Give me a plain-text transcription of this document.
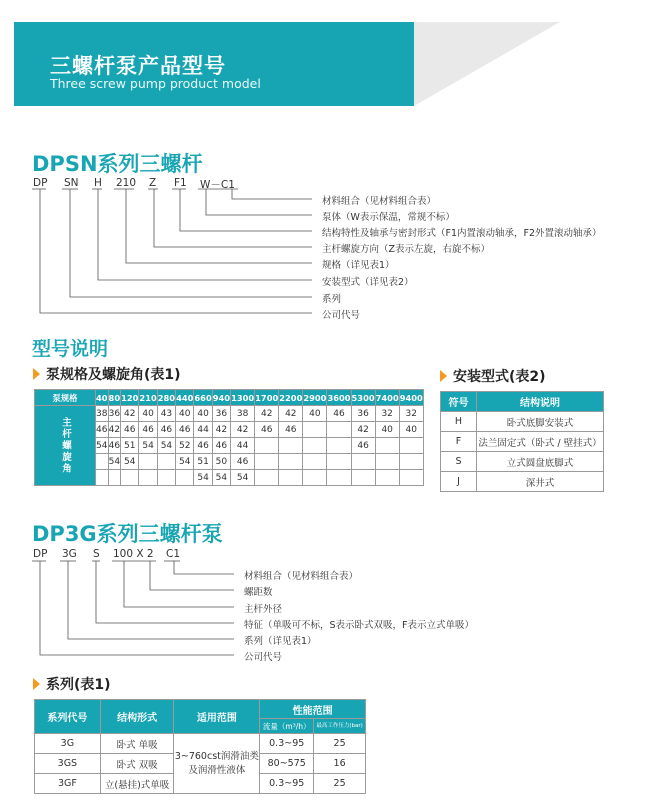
三螺杆泵产品型号
Three screw pump product model
DPSN系列三螺杆
DP SN H 210 Z F1 W－C1
材料组合（见材料组合表）
泵体（W表示保温，常规不标）
结构特性及轴承与密封形式（F1内置滚动轴承，F2外置滚动轴承）
主杆螺旋方向（Z表示左旋，右旋不标）
规格（详见表1）
安装型式（详见表2）
系列
公司代号
型号说明
泵规格及螺旋角(表1)
泵规格	40	80	120	210	280	440	660	940	1300	1700	2200	2900	3600	5300	7400	9400
主杆螺旋角	38	36	42	40	43	40	40	36	38	42	42	40	46	36	32	32
	46	42	46	46	46	46	44	42	42	46	46			42	40	40
	54	46	51	54	54	52	46	46	44					46		
		54	54			54	51	50	46							
							54	54	54							
安装型式(表2)
符号	结构说明
H	卧式底脚安装式
F	法兰固定式（卧式 / 壁挂式）
S	立式圆盘底脚式
J	深井式
DP3G系列三螺杆泵
DP 3G S 100 X 2 C1
材料组合（见材料组合表）
螺距数
主杆外径
特征（单吸可不标，S表示卧式双吸，F表示立式单吸）
系列（详见表1）
公司代号
系列(表1)
系列代号	结构形式	适用范围	性能范围	
			流量（m³/h）	最高工作压力(bar)
3G	卧式 单吸	3~760cst润滑油类及润滑性液体	0.3~95	25
3GS	卧式 双吸		80~575	16
3GF	立(悬挂)式单吸		0.3~95	25
